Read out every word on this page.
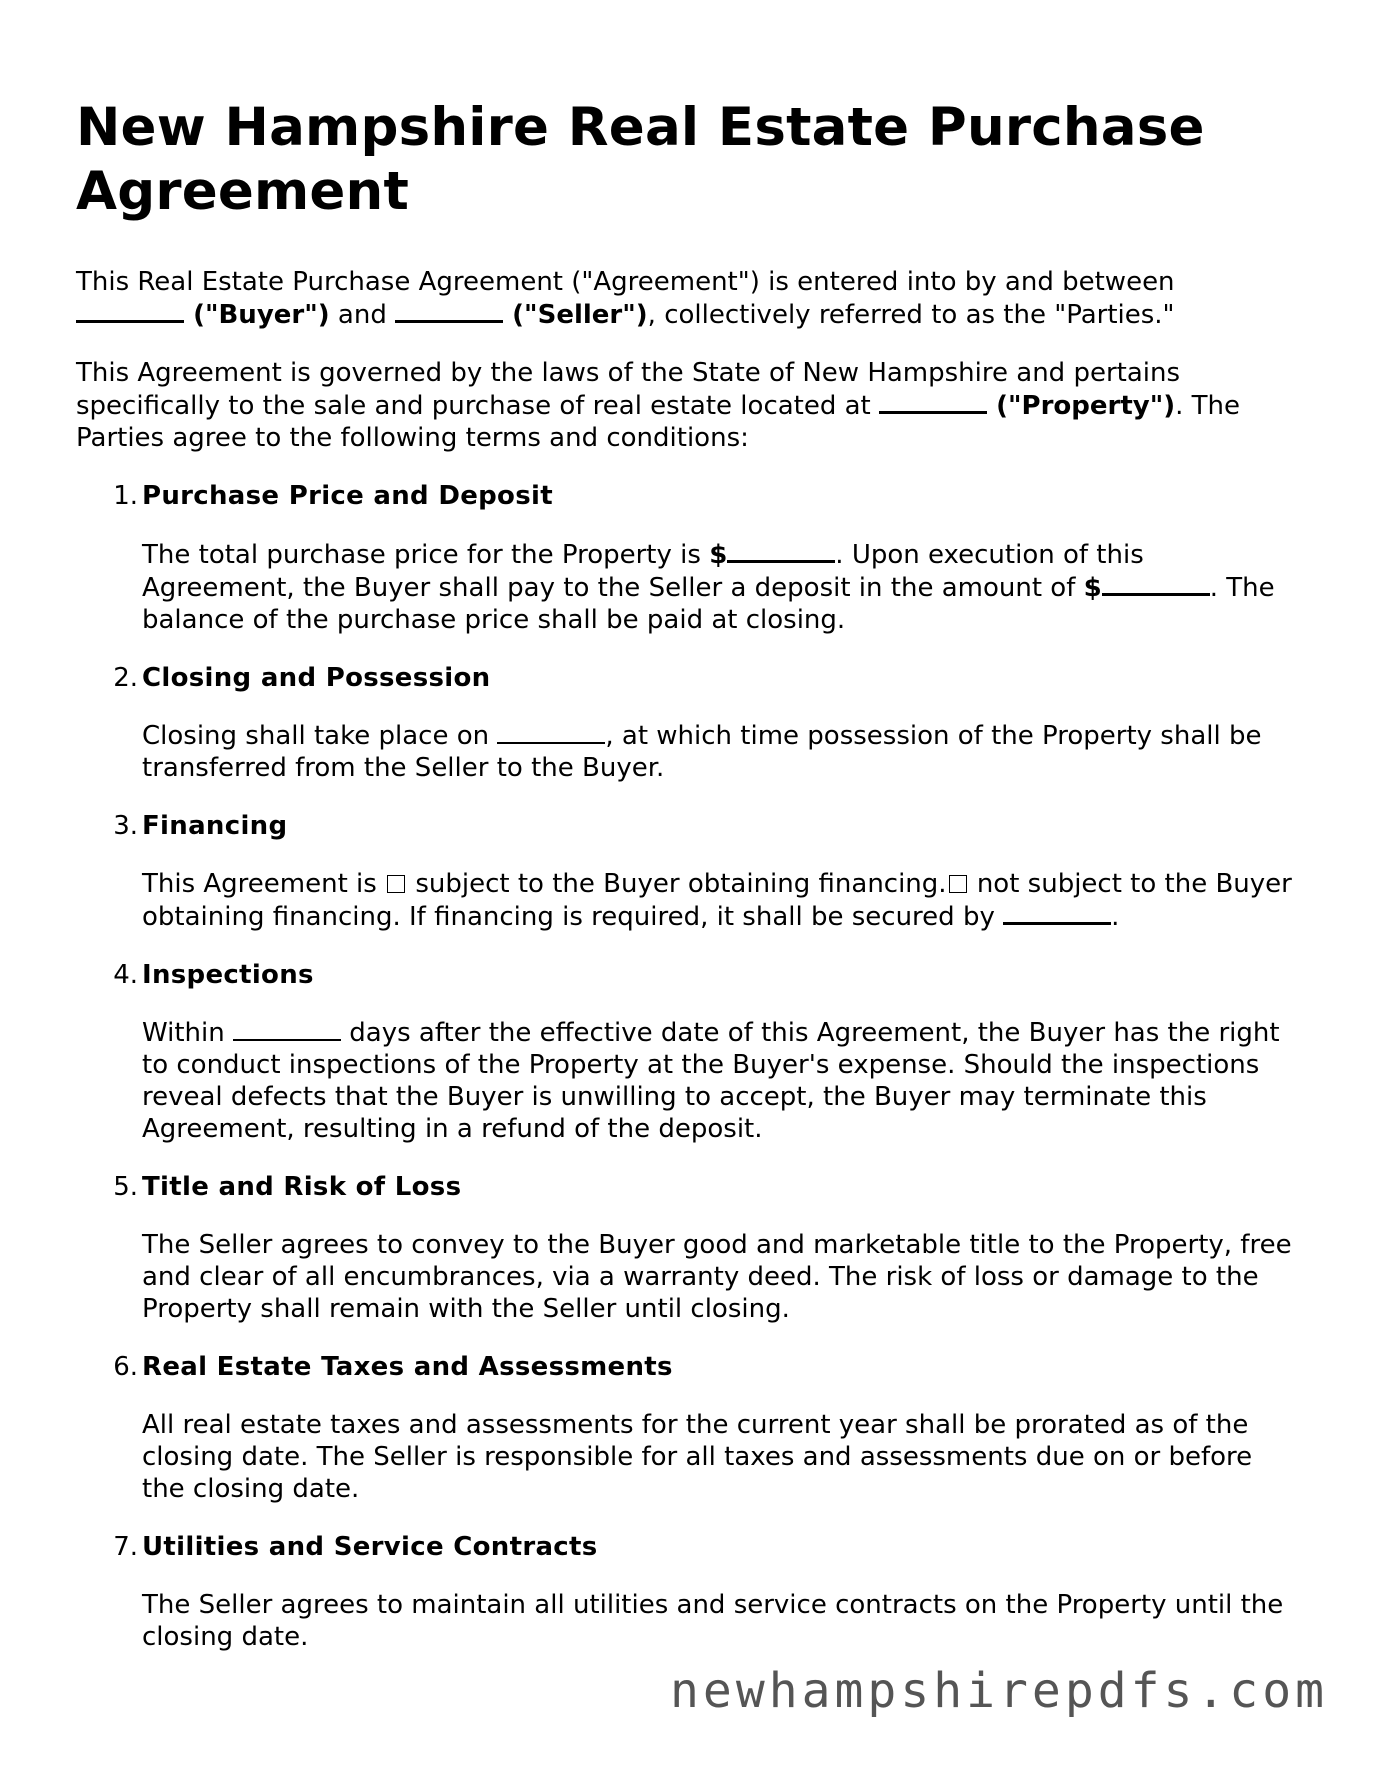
New Hampshire Real Estate Purchase Agreement

This Real Estate Purchase Agreement ("Agreement") is entered into by and between
("Buyer") and	("Seller"), collectively referred to as the "Parties."

This Agreement is governed by the laws of the State of New Hampshire and pertains specifically to the sale and purchase of real estate located at	("Property"). The Parties agree to the following terms and conditions:

1. Purchase Price and Deposit

The total purchase price for the Property is $	. Upon execution of this Agreement, the Buyer shall pay to the Seller a deposit in the amount of $	. The balance of the purchase price shall be paid at closing.

2. Closing and Possession

Closing shall take place on	, at which time possession of the Property shall be transferred from the Seller to the Buyer.

3. Financing

This Agreement is subject to the Buyer obtaining financing. not subject to the Buyer obtaining financing. If financing is required, it shall be secured by	.

4. Inspections

Within	days after the effective date of this Agreement, the Buyer has the right to conduct inspections of the Property at the Buyer's expense. Should the inspections reveal defects that the Buyer is unwilling to accept, the Buyer may terminate this Agreement, resulting in a refund of the deposit.

5. Title and Risk of Loss

The Seller agrees to convey to the Buyer good and marketable title to the Property, free and clear of all encumbrances, via a warranty deed. The risk of loss or damage to the Property shall remain with the Seller until closing.

6. Real Estate Taxes and Assessments

All real estate taxes and assessments for the current year shall be prorated as of the closing date. The Seller is responsible for all taxes and assessments due on or before the closing date.

7. Utilities and Service Contracts

The Seller agrees to maintain all utilities and service contracts on the Property until the closing date.

newhampshirepdfs.com
